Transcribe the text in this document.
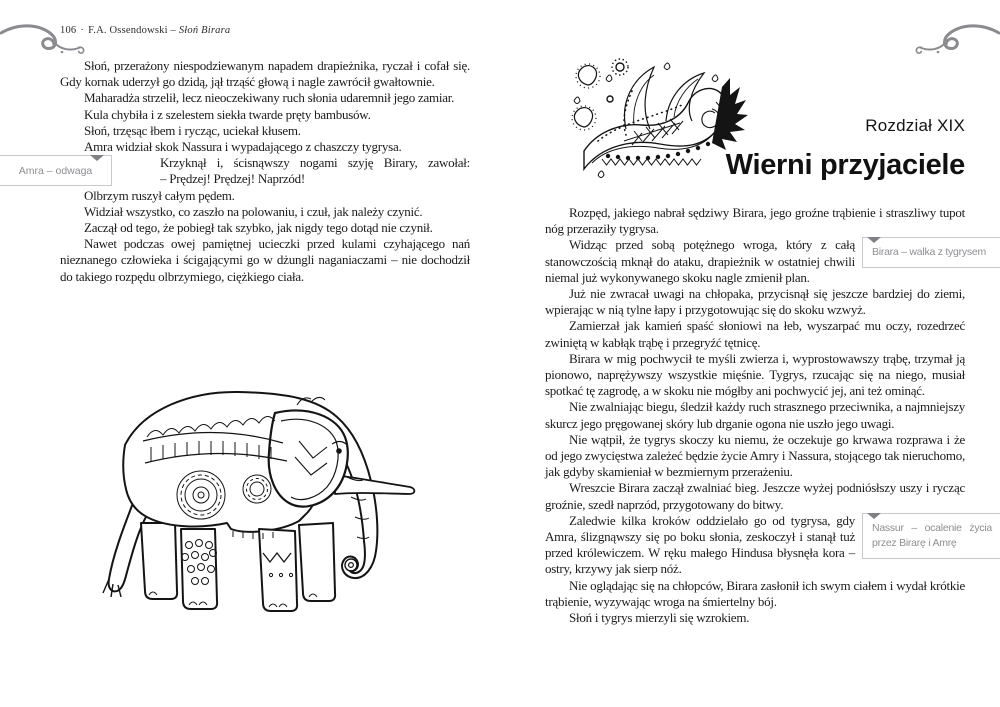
106 · F.A. Ossendowski – Słoń Birara

Słoń, przerażony niespodziewanym napadem drapieżnika, ryczał i cofał się. Gdy kornak uderzył go dzidą, jął trząść głową i nagle zawrócił gwałtownie.

Maharadża strzelił, lecz nieoczekiwany ruch słonia udaremnił jego zamiar.

Kula chybiła i z szelestem siekła twarde pręty bambusów.

Słoń, trzęsąc łbem i rycząc, uciekał kłusem.

Amra widział skok Nassura i wypadającego z chaszczy tygrysa.

Amra – odwaga

Krzyknął i, ścisnąwszy nogami szyję Birary, zawołał:

– Prędzej! Prędzej! Naprzód!

Olbrzym ruszył całym pędem.

Widział wszystko, co zaszło na polowaniu, i czuł, jak należy czynić.

Zaczął od tego, że pobiegł tak szybko, jak nigdy tego dotąd nie czynił.

Nawet podczas owej pamiętnej ucieczki przed kulami czyhającego nań nieznanego człowieka i ścigającymi go w dżungli naganiaczami – nie dochodził do takiego rozpędu olbrzymiego, ciężkiego ciała.

Rozdział XIX
Wierni przyjaciele

Rozpęd, jakiego nabrał sędziwy Birara, jego groźne trąbienie i straszliwy tupot nóg przeraziły tygrysa.

Birara – walka z tygrysem

Widząc przed sobą potężnego wroga, który z całą stanowczością mknął do ataku, drapieżnik w ostatniej chwili niemal już wykonywanego skoku nagle zmienił plan.

Już nie zwracał uwagi na chłopaka, przycisnął się jeszcze bardziej do ziemi, wpierając w nią tylne łapy i przygotowując się do skoku wzwyż.

Zamierzał jak kamień spaść słoniowi na łeb, wyszarpać mu oczy, rozedrzeć zwiniętą w kabłąk trąbę i przegryźć tętnicę.

Birara w mig pochwycił te myśli zwierza i, wyprostowawszy trąbę, trzymał ją pionowo, naprężywszy wszystkie mięśnie. Tygrys, rzucając się na niego, musiał spotkać tę zagrodę, a w skoku nie mógłby ani pochwycić jej, ani też ominąć.

Nie zwalniając biegu, śledził każdy ruch strasznego przeciwnika, a najmniejszy skurcz jego pręgowanej skóry lub drganie ogona nie uszło jego uwagi.

Nie wątpił, że tygrys skoczy ku niemu, że oczekuje go krwawa rozprawa i że od jego zwycięstwa zależeć będzie życie Amry i Nassura, stojącego tak nieruchomo, jak gdyby skamieniał w bezmiernym przerażeniu.

Wreszcie Birara zaczął zwalniać bieg. Jeszcze wyżej podniósłszy uszy i rycząc groźnie, szedł naprzód, przygotowany do bitwy.

Nassur – ocalenie życia przez Birarę i Amrę

Zaledwie kilka kroków oddzielało go od tygrysa, gdy Amra, ślizgnąwszy się po boku słonia, zeskoczył i stanął tuż przed królewiczem. W ręku małego Hindusa błysnęła kora – ostry, krzywy jak sierp nóż.

Nie oglądając się na chłopców, Birara zasłonił ich swym ciałem i wydał krótkie trąbienie, wyzywając wroga na śmiertelny bój.

Słoń i tygrys mierzyli się wzrokiem.
